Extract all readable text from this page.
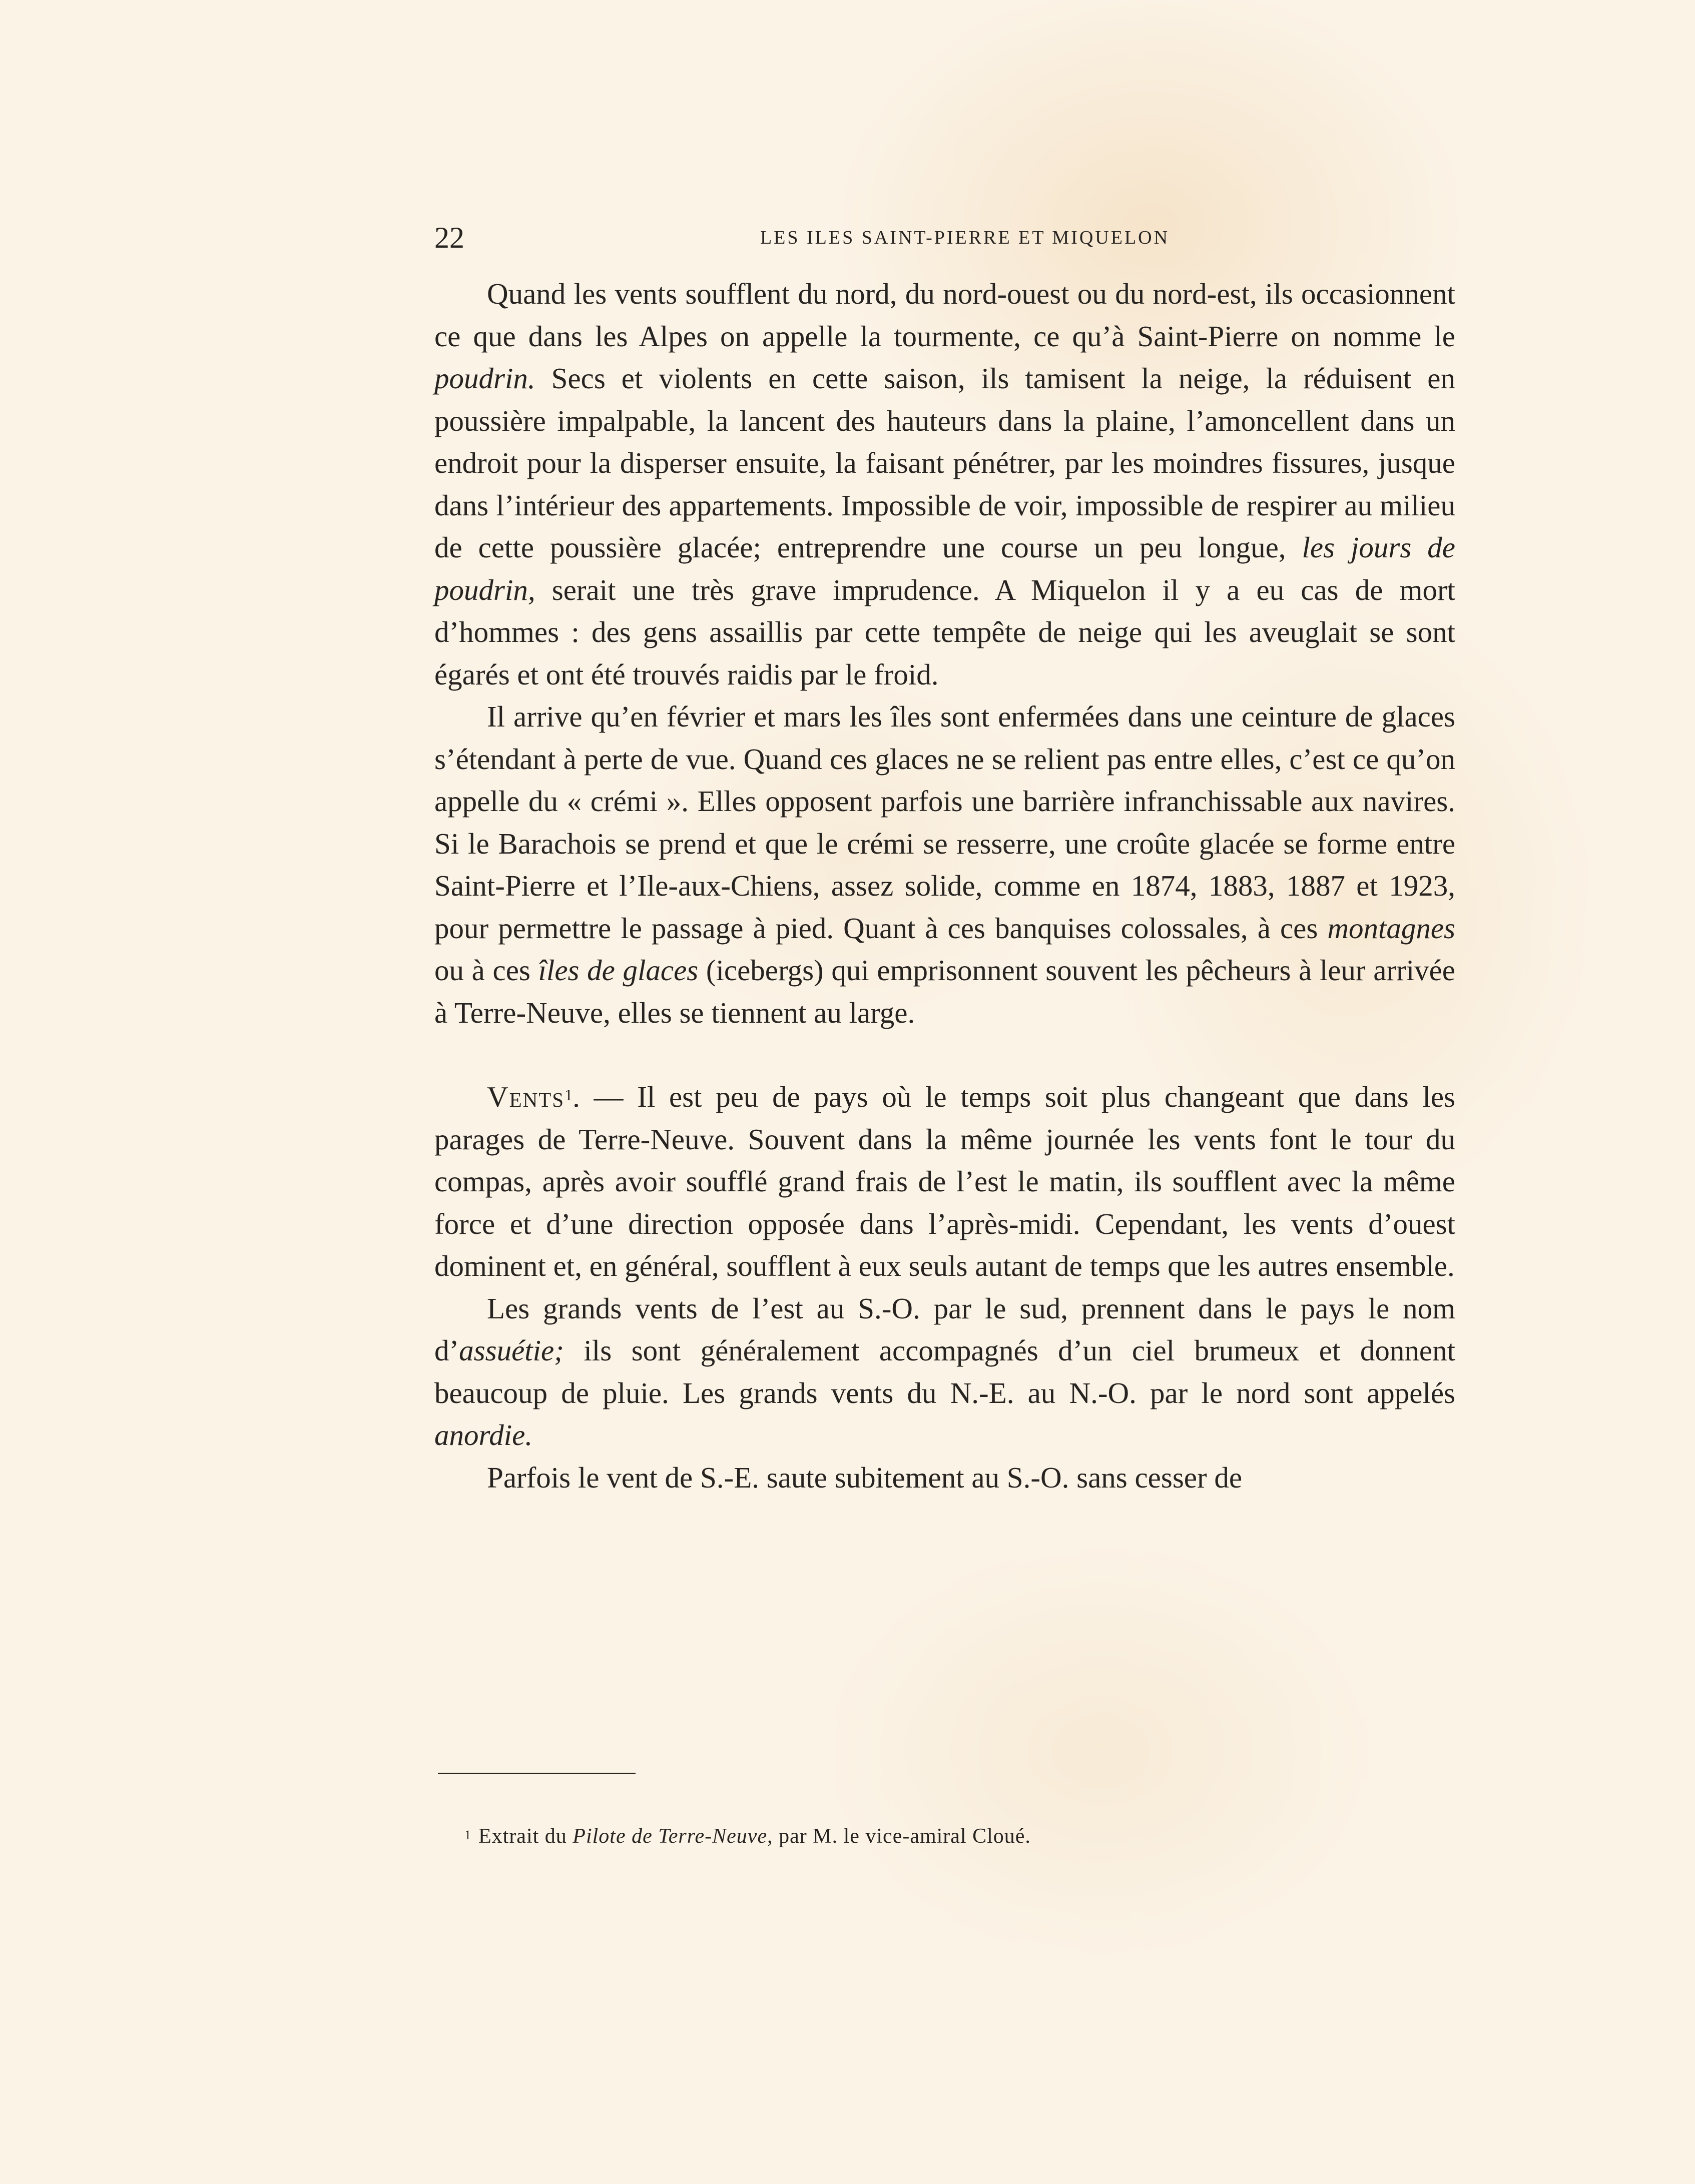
22	LES ILES SAINT-PIERRE ET MIQUELON

Quand les vents soufflent du nord, du nord-ouest ou du nord-est, ils occasionnent ce que dans les Alpes on appelle la tourmente, ce qu’à Saint-Pierre on nomme le poudrin. Secs et violents en cette saison, ils tamisent la neige, la réduisent en poussière impalpable, la lancent des hauteurs dans la plaine, l’amoncellent dans un endroit pour la disperser ensuite, la faisant pénétrer, par les moindres fissures, jusque dans l’intérieur des appartements. Impossible de voir, impossible de respirer au milieu de cette poussière glacée; entreprendre une course un peu longue, les jours de poudrin, serait une très grave imprudence. A Miquelon il y a eu cas de mort d’hommes : des gens assaillis par cette tempête de neige qui les aveuglait se sont égarés et ont été trouvés raidis par le froid.

Il arrive qu’en février et mars les îles sont enfermées dans une ceinture de glaces s’étendant à perte de vue. Quand ces glaces ne se relient pas entre elles, c’est ce qu’on appelle du « crémi ». Elles opposent parfois une barrière infranchissable aux navires. Si le Barachois se prend et que le crémi se resserre, une croûte glacée se forme entre Saint-Pierre et l’Ile-aux-Chiens, assez solide, comme en 1874, 1883, 1887 et 1923, pour permettre le passage à pied. Quant à ces banquises colossales, à ces montagnes ou à ces îles de glaces (icebergs) qui emprisonnent souvent les pêcheurs à leur arrivée à Terre-Neuve, elles se tiennent au large.

Vents$^1$. — Il est peu de pays où le temps soit plus changeant que dans les parages de Terre-Neuve. Souvent dans la même journée les vents font le tour du compas, après avoir soufflé grand frais de l’est le matin, ils soufflent avec la même force et d’une direction opposée dans l’après-midi. Cependant, les vents d’ouest dominent et, en général, soufflent à eux seuls autant de temps que les autres ensemble.

Les grands vents de l’est au S.-O. par le sud, prennent dans le pays le nom d’assuétie; ils sont généralement accompagnés d’un ciel brumeux et donnent beaucoup de pluie. Les grands vents du N.-E. au N.-O. par le nord sont appelés anordie.

Parfois le vent de S.-E. saute subitement au S.-O. sans cesser de

$^1$ Extrait du Pilote de Terre-Neuve, par M. le vice-amiral Cloué.
